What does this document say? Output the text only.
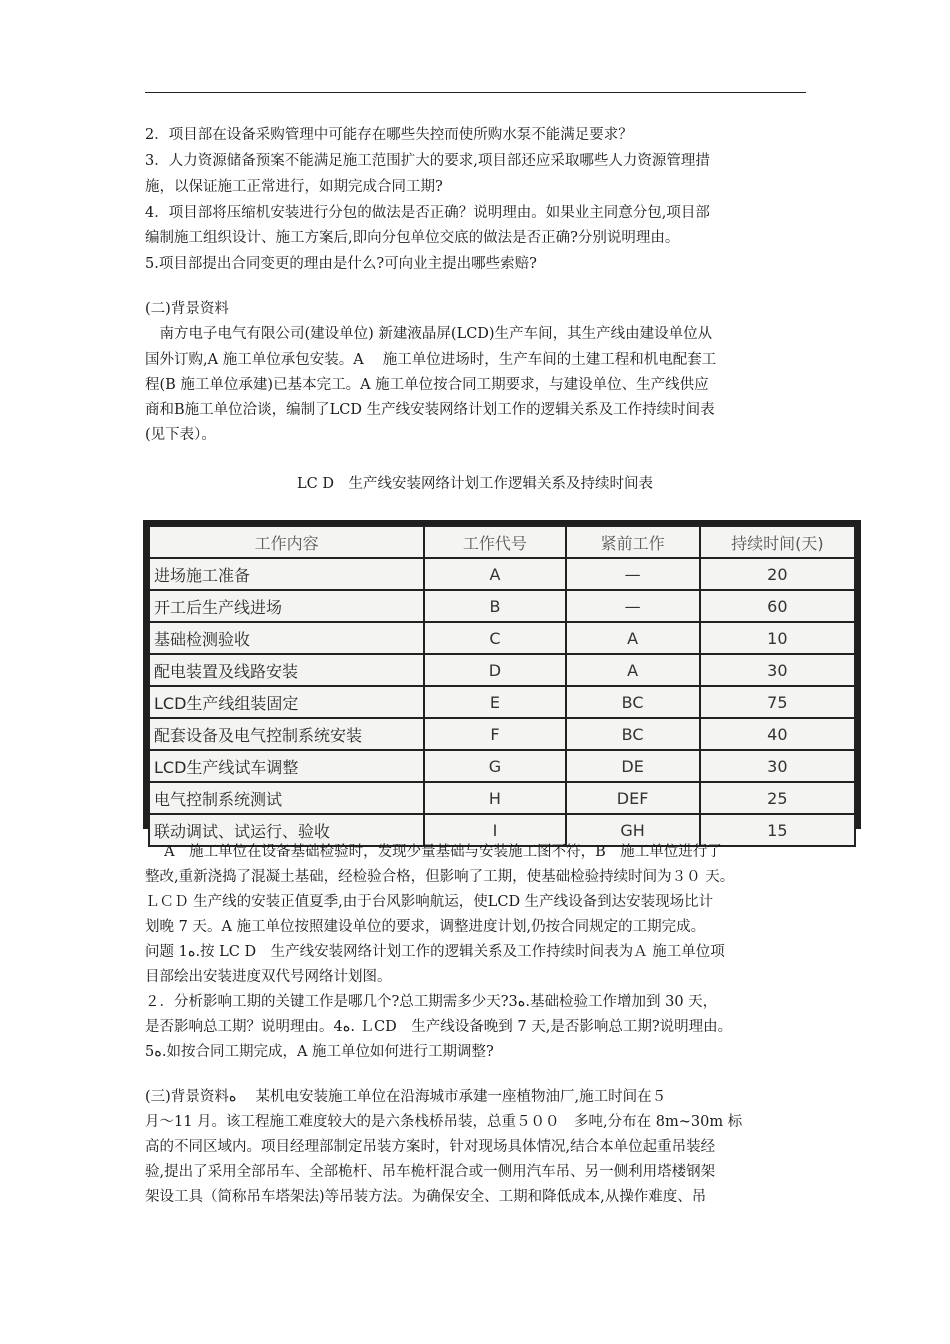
2．项目部在设备采购管理中可能存在哪些失控而使所购水泵不能满足要求？
3．人力资源储备预案不能满足施工范围扩大的要求,项目部还应采取哪些人力资源管理措
施，以保证施工正常进行，如期完成合同工期?
4．项目部将压缩机安装进行分包的做法是否正确？说明理由。如果业主同意分包,项目部
编制施工组织设计、施工方案后,即向分包单位交底的做法是否正确?分别说明理由。
5.项目部提出合同变更的理由是什么?可向业主提出哪些索赔?
(二)背景资料
　南方电子电气有限公司(建设单位) 新建液晶屏(LCD)生产车间，其生产线由建设单位从
国外订购,A 施工单位承包安装。A　 施工单位进场时，生产车间的土建工程和机电配套工
程(B 施工单位承建)已基本完工。A 施工单位按合同工期要求，与建设单位、生产线供应
商和B施工单位洽谈，编制了LCD 生产线安装网络计划工作的逻辑关系及工作持续时间表
(见下表）。
LC D　生产线安装网络计划工作逻辑关系及持续时间表
工作内容	工作代号	紧前工作	持续时间(天)
进场施工准备	A	—	20
开工后生产线进场	B	—	60
基础检测验收	C	A	10
配电装置及线路安装	D	A	30
LCD生产线组装固定	E	BC	75
配套设备及电气控制系统安装	F	BC	40
LCD生产线试车调整	G	DE	30
电气控制系统测试	H	DEF	25
联动调试、试运行、验收	I	GH	15
　 A　施工单位在设备基础检验时，发现少量基础与安装施工图不符，B　施工单位进行了
整改,重新浇捣了混凝土基础，经检验合格，但影响了工期，使基础检验持续时间为３０ 天。
ＬＣＤ 生产线的安装正值夏季,由于台风影响航运，使LCD 生产线设备到达安装现场比计
划晚 7 天。A 施工单位按照建设单位的要求，调整进度计划,仍按合同规定的工期完成。
问题 1ﻩ.按 LC D　生产线安装网络计划工作的逻辑关系及工作持续时间表为Ａ 施工单位项
目部绘出安装进度双代号网络计划图。
２．分析影响工期的关键工作是哪几个?总工期需多少天?3ﻩ.基础检验工作增加到 30 天，
是否影响总工期？说明理由。4ﻩ. ＬCD　生产线设备晚到 7 天,是否影响总工期?说明理由。
5ﻩ.如按合同工期完成，A 施工单位如何进行工期调整?
(三)背景资料ﻩ　 某机电安装施工单位在沿海城市承建一座植物油厂,施工时间在５
月～11 月。该工程施工难度较大的是六条栈桥吊装，总重５００　多吨,分布在 8m~30m 标
高的不同区域内。项目经理部制定吊装方案时，针对现场具体情况,结合本单位起重吊装经
验,提出了采用全部吊车、全部桅杆、吊车桅杆混合或一侧用汽车吊、另一侧利用塔楼钢架
架设工具（简称吊车塔架法)等吊装方法。为确保安全、工期和降低成本,从操作难度、吊
